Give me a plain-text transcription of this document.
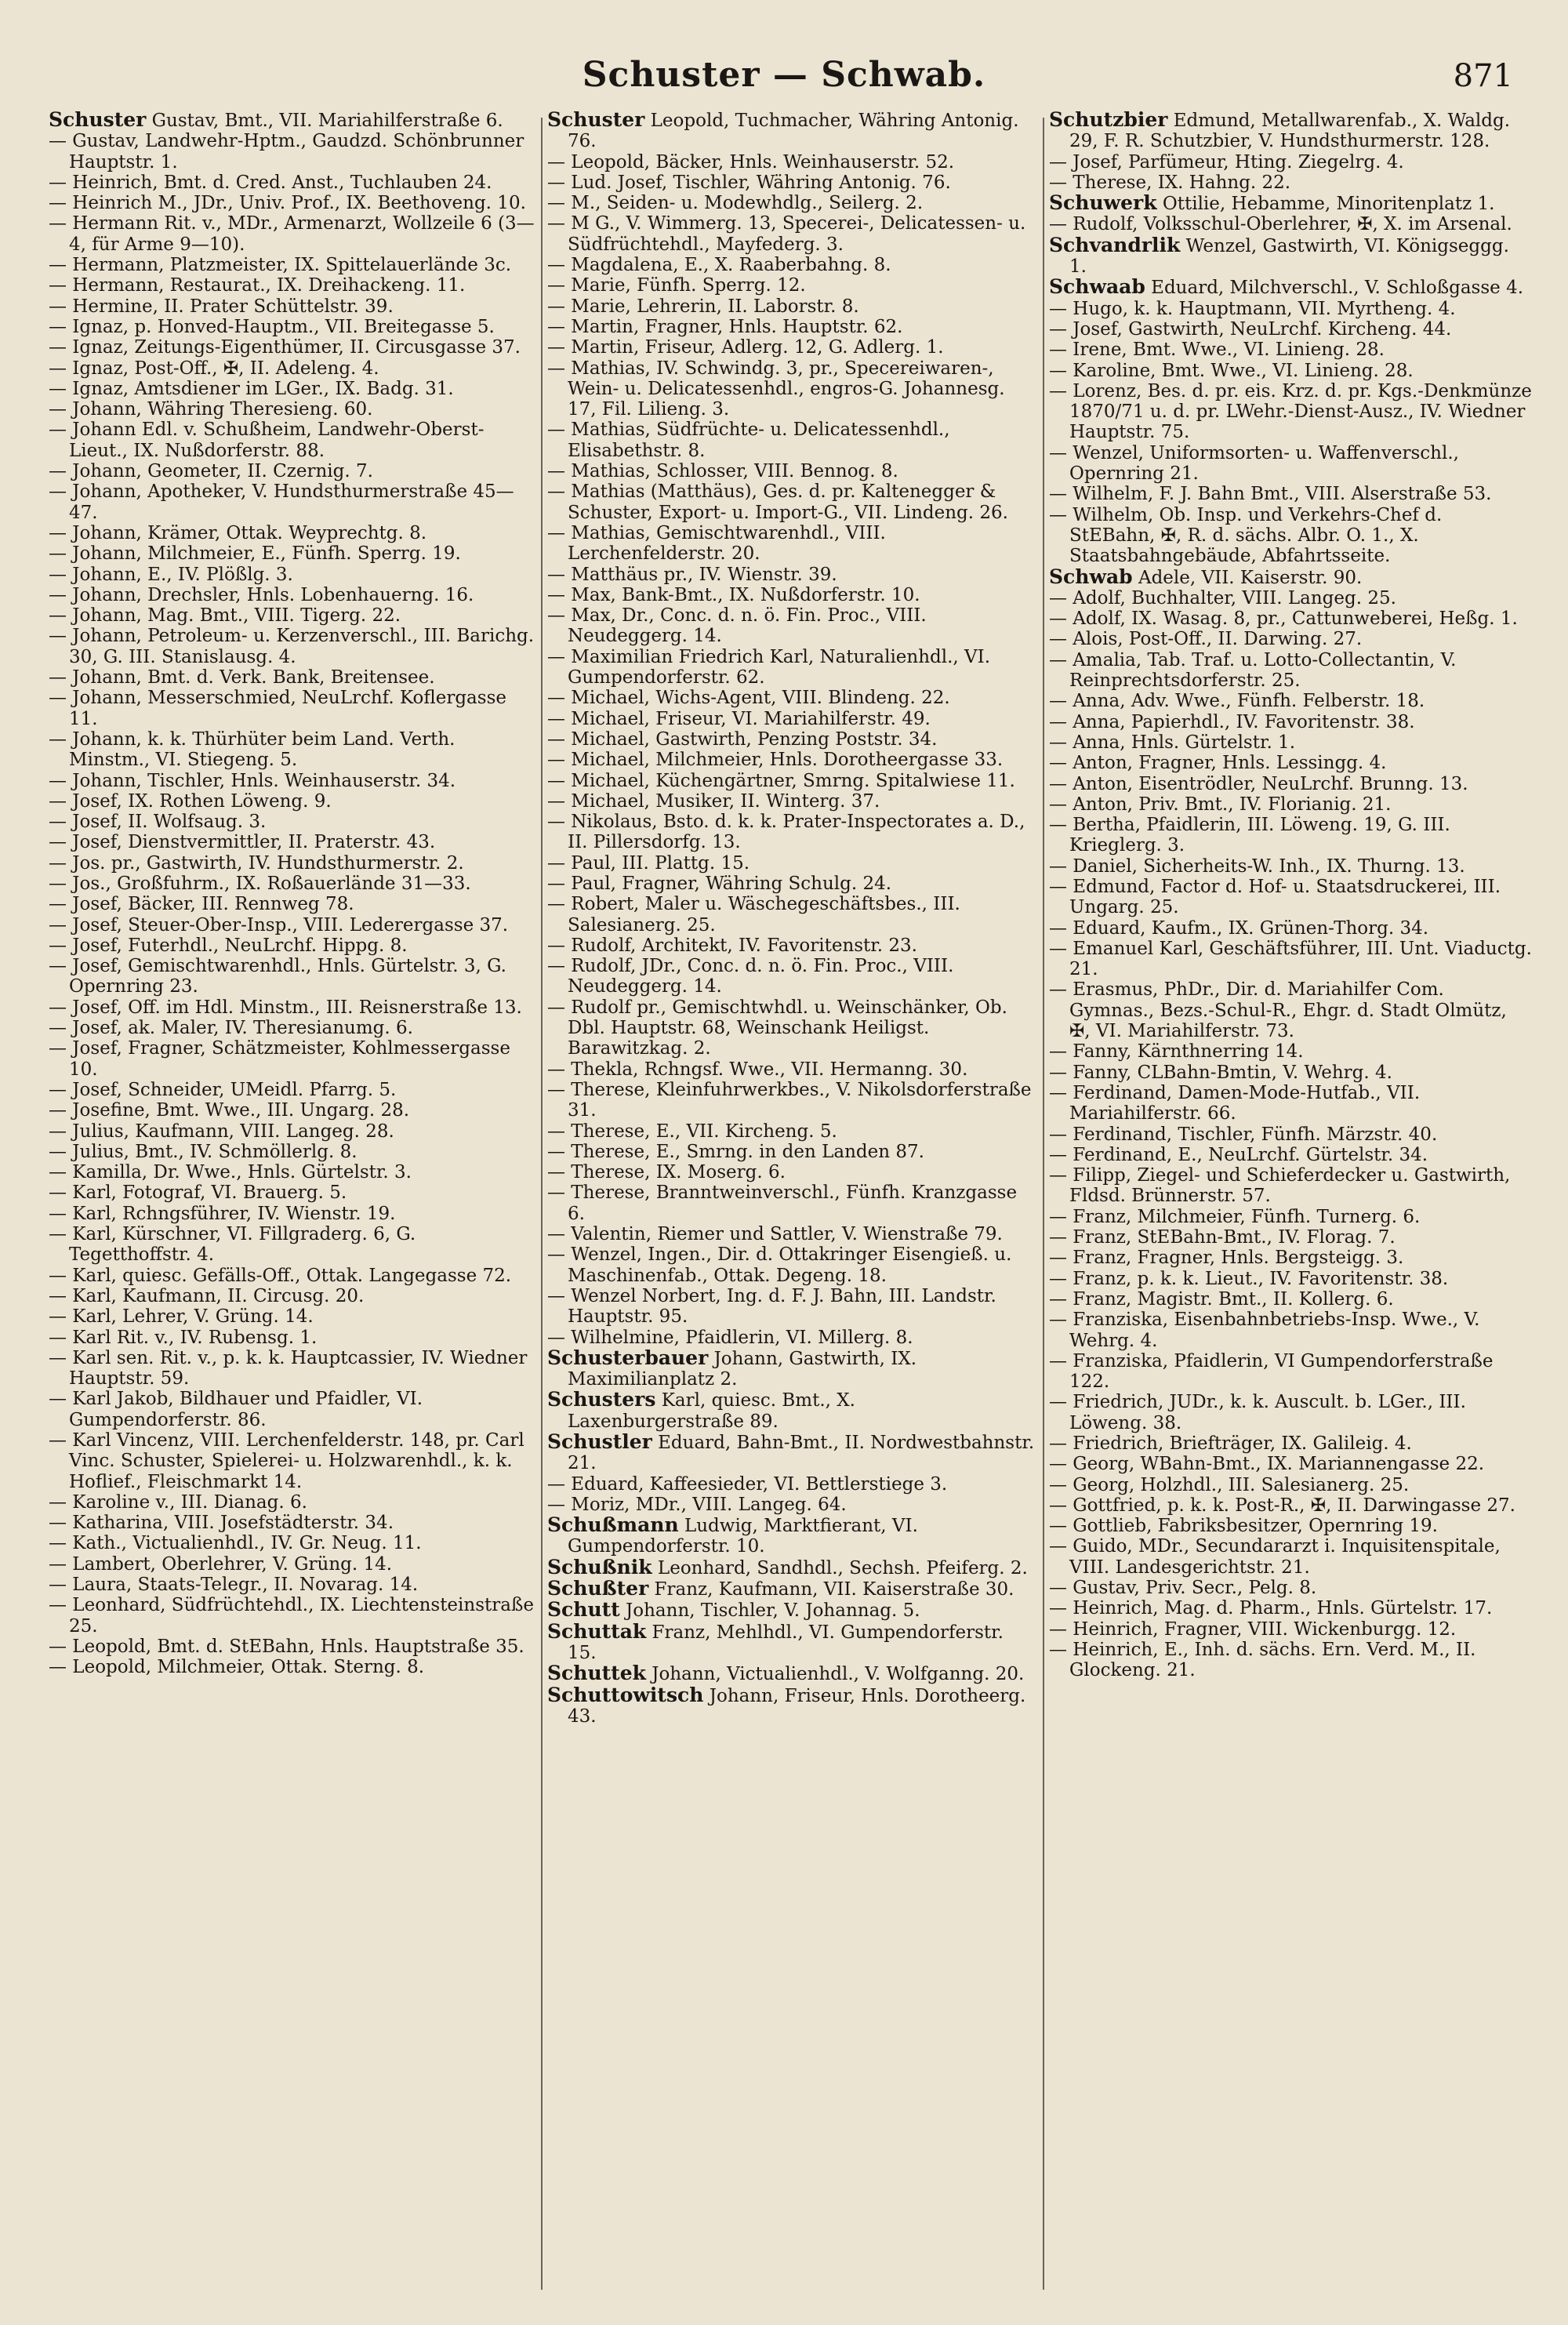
Schuster — Schwab.	871
Schuster Gustav, Bmt., VII. Mariahilferstraße 6.
— Gustav, Landwehr-Hptm., Gaudzd. Schönbrunner Hauptstr. 1.
— Heinrich, Bmt. d. Cred. Anst., Tuchlauben 24.
— Heinrich M., JDr., Univ. Prof., IX. Beethoveng. 10.
— Hermann Rit. v., MDr., Armenarzt, Wollzeile 6 (3—4, für Arme 9—10).
— Hermann, Platzmeister, IX. Spittelauerlände 3c.
— Hermann, Restaurat., IX. Dreihackeng. 11.
— Hermine, II. Prater Schüttelstr. 39.
— Ignaz, p. Honved-Hauptm., VII. Breitegasse 5.
— Ignaz, Zeitungs-Eigenthümer, II. Circusgasse 37.
— Ignaz, Post-Off., ✠, II. Adeleng. 4.
— Ignaz, Amtsdiener im LGer., IX. Badg. 31.
— Johann, Währing Theresieng. 60.
— Johann Edl. v. Schußheim, Landwehr-Oberst-Lieut., IX. Nußdorferstr. 88.
— Johann, Geometer, II. Czernig. 7.
— Johann, Apotheker, V. Hundsthurmerstraße 45—47.
— Johann, Krämer, Ottak. Weyprechtg. 8.
— Johann, Milchmeier, E., Fünfh. Sperrg. 19.
— Johann, E., IV. Plößlg. 3.
— Johann, Drechsler, Hnls. Lobenhauerng. 16.
— Johann, Mag. Bmt., VIII. Tigerg. 22.
— Johann, Petroleum- u. Kerzenverschl., III. Barichg. 30, G. III. Stanislausg. 4.
— Johann, Bmt. d. Verk. Bank, Breitensee.
— Johann, Messerschmied, NeuLrchf. Koflergasse 11.
— Johann, k. k. Thürhüter beim Land. Verth. Minstm., VI. Stiegeng. 5.
— Johann, Tischler, Hnls. Weinhauserstr. 34.
— Josef, IX. Rothen Löweng. 9.
— Josef, II. Wolfsaug. 3.
— Josef, Dienstvermittler, II. Praterstr. 43.
— Jos. pr., Gastwirth, IV. Hundsthurmerstr. 2.
— Jos., Großfuhrm., IX. Roßauerlände 31—33.
— Josef, Bäcker, III. Rennweg 78.
— Josef, Steuer-Ober-Insp., VIII. Lederergasse 37.
— Josef, Futerhdl., NeuLrchf. Hippg. 8.
— Josef, Gemischtwarenhdl., Hnls. Gürtelstr. 3, G. Opernring 23.
— Josef, Off. im Hdl. Minstm., III. Reisnerstraße 13.
— Josef, ak. Maler, IV. Theresianumg. 6.
— Josef, Fragner, Schätzmeister, Kohlmessergasse 10.
— Josef, Schneider, UMeidl. Pfarrg. 5.
— Josefine, Bmt. Wwe., III. Ungarg. 28.
— Julius, Kaufmann, VIII. Langeg. 28.
— Julius, Bmt., IV. Schmöllerlg. 8.
— Kamilla, Dr. Wwe., Hnls. Gürtelstr. 3.
— Karl, Fotograf, VI. Brauerg. 5.
— Karl, Rchngsführer, IV. Wienstr. 19.
— Karl, Kürschner, VI. Fillgraderg. 6, G. Tegetthoffstr. 4.
— Karl, quiesc. Gefälls-Off., Ottak. Langegasse 72.
— Karl, Kaufmann, II. Circusg. 20.
— Karl, Lehrer, V. Grüng. 14.
— Karl Rit. v., IV. Rubensg. 1.
— Karl sen. Rit. v., p. k. k. Hauptcassier, IV. Wiedner Hauptstr. 59.
— Karl Jakob, Bildhauer und Pfaidler, VI. Gumpendorferstr. 86.
— Karl Vincenz, VIII. Lerchenfelderstr. 148, pr. Carl Vinc. Schuster, Spielerei- u. Holzwarenhdl., k. k. Hoflief., Fleischmarkt 14.
— Karoline v., III. Dianag. 6.
— Katharina, VIII. Josefstädterstr. 34.
— Kath., Victualienhdl., IV. Gr. Neug. 11.
— Lambert, Oberlehrer, V. Grüng. 14.
— Laura, Staats-Telegr., II. Novarag. 14.
— Leonhard, Südfrüchtehdl., IX. Liechtensteinstraße 25.
— Leopold, Bmt. d. StEBahn, Hnls. Hauptstraße 35.
— Leopold, Milchmeier, Ottak. Sterng. 8.
Schuster Leopold, Tuchmacher, Währing Antonig. 76.
— Leopold, Bäcker, Hnls. Weinhauserstr. 52.
— Lud. Josef, Tischler, Währing Antonig. 76.
— M., Seiden- u. Modewhdlg., Seilerg. 2.
— M G., V. Wimmerg. 13, Specerei-, Delicatessen- u. Südfrüchtehdl., Mayfederg. 3.
— Magdalena, E., X. Raaberbahng. 8.
— Marie, Fünfh. Sperrg. 12.
— Marie, Lehrerin, II. Laborstr. 8.
— Martin, Fragner, Hnls. Hauptstr. 62.
— Martin, Friseur, Adlerg. 12, G. Adlerg. 1.
— Mathias, IV. Schwindg. 3, pr., Specereiwaren-, Wein- u. Delicatessenhdl., engros-G. Johannesg. 17, Fil. Lilieng. 3.
— Mathias, Südfrüchte- u. Delicatessenhdl., Elisabethstr. 8.
— Mathias, Schlosser, VIII. Bennog. 8.
— Mathias (Matthäus), Ges. d. pr. Kaltenegger & Schuster, Export- u. Import-G., VII. Lindeng. 26.
— Mathias, Gemischtwarenhdl., VIII. Lerchenfelderstr. 20.
— Matthäus pr., IV. Wienstr. 39.
— Max, Bank-Bmt., IX. Nußdorferstr. 10.
— Max, Dr., Conc. d. n. ö. Fin. Proc., VIII. Neudeggerg. 14.
— Maximilian Friedrich Karl, Naturalienhdl., VI. Gumpendorferstr. 62.
— Michael, Wichs-Agent, VIII. Blindeng. 22.
— Michael, Friseur, VI. Mariahilferstr. 49.
— Michael, Gastwirth, Penzing Poststr. 34.
— Michael, Milchmeier, Hnls. Dorotheergasse 33.
— Michael, Küchengärtner, Smrng. Spitalwiese 11.
— Michael, Musiker, II. Winterg. 37.
— Nikolaus, Bsto. d. k. k. Prater-Inspectorates a. D., II. Pillersdorfg. 13.
— Paul, III. Plattg. 15.
— Paul, Fragner, Währing Schulg. 24.
— Robert, Maler u. Wäschegeschäftsbes., III. Salesianerg. 25.
— Rudolf, Architekt, IV. Favoritenstr. 23.
— Rudolf, JDr., Conc. d. n. ö. Fin. Proc., VIII. Neudeggerg. 14.
— Rudolf pr., Gemischtwhdl. u. Weinschänker, Ob. Dbl. Hauptstr. 68, Weinschank Heiligst. Barawitzkag. 2.
— Thekla, Rchngsf. Wwe., VII. Hermanng. 30.
— Therese, Kleinfuhrwerkbes., V. Nikolsdorferstraße 31.
— Therese, E., VII. Kircheng. 5.
— Therese, E., Smrng. in den Landen 87.
— Therese, IX. Moserg. 6.
— Therese, Branntweinverschl., Fünfh. Kranzgasse 6.
— Valentin, Riemer und Sattler, V. Wienstraße 79.
— Wenzel, Ingen., Dir. d. Ottakringer Eisengieß. u. Maschinenfab., Ottak. Degeng. 18.
— Wenzel Norbert, Ing. d. F. J. Bahn, III. Landstr. Hauptstr. 95.
— Wilhelmine, Pfaidlerin, VI. Millerg. 8.
Schusterbauer Johann, Gastwirth, IX. Maximilianplatz 2.
Schusters Karl, quiesc. Bmt., X. Laxenburgerstraße 89.
Schustler Eduard, Bahn-Bmt., II. Nordwestbahnstr. 21.
— Eduard, Kaffeesieder, VI. Bettlerstiege 3.
— Moriz, MDr., VIII. Langeg. 64.
Schußmann Ludwig, Marktfierant, VI. Gumpendorferstr. 10.
Schußnik Leonhard, Sandhdl., Sechsh. Pfeiferg. 2.
Schußter Franz, Kaufmann, VII. Kaiserstraße 30.
Schutt Johann, Tischler, V. Johannag. 5.
Schuttak Franz, Mehlhdl., VI. Gumpendorferstr. 15.
Schuttek Johann, Victualienhdl., V. Wolfganng. 20.
Schuttowitsch Johann, Friseur, Hnls. Dorotheerg. 43.
Schutzbier Edmund, Metallwarenfab., X. Waldg. 29, F. R. Schutzbier, V. Hundsthurmerstr. 128.
— Josef, Parfümeur, Hting. Ziegelrg. 4.
— Therese, IX. Hahng. 22.
Schuwerk Ottilie, Hebamme, Minoritenplatz 1.
— Rudolf, Volksschul-Oberlehrer, ✠, X. im Arsenal.
Schvandrlik Wenzel, Gastwirth, VI. Königseggg. 1.
Schwaab Eduard, Milchverschl., V. Schloßgasse 4.
— Hugo, k. k. Hauptmann, VII. Myrtheng. 4.
— Josef, Gastwirth, NeuLrchf. Kircheng. 44.
— Irene, Bmt. Wwe., VI. Linieng. 28.
— Karoline, Bmt. Wwe., VI. Linieng. 28.
— Lorenz, Bes. d. pr. eis. Krz. d. pr. Kgs.-Denkmünze 1870/71 u. d. pr. LWehr.-Dienst-Ausz., IV. Wiedner Hauptstr. 75.
— Wenzel, Uniformsorten- u. Waffenverschl., Opernring 21.
— Wilhelm, F. J. Bahn Bmt., VIII. Alserstraße 53.
— Wilhelm, Ob. Insp. und Verkehrs-Chef d. StEBahn, ✠, R. d. sächs. Albr. O. 1., X. Staatsbahngebäude, Abfahrtsseite.
Schwab Adele, VII. Kaiserstr. 90.
— Adolf, Buchhalter, VIII. Langeg. 25.
— Adolf, IX. Wasag. 8, pr., Cattunweberei, Heßg. 1.
— Alois, Post-Off., II. Darwing. 27.
— Amalia, Tab. Traf. u. Lotto-Collectantin, V. Reinprechtsdorferstr. 25.
— Anna, Adv. Wwe., Fünfh. Felberstr. 18.
— Anna, Papierhdl., IV. Favoritenstr. 38.
— Anna, Hnls. Gürtelstr. 1.
— Anton, Fragner, Hnls. Lessingg. 4.
— Anton, Eisentrödler, NeuLrchf. Brunng. 13.
— Anton, Priv. Bmt., IV. Florianig. 21.
— Bertha, Pfaidlerin, III. Löweng. 19, G. III. Krieglerg. 3.
— Daniel, Sicherheits-W. Inh., IX. Thurng. 13.
— Edmund, Factor d. Hof- u. Staatsdruckerei, III. Ungarg. 25.
— Eduard, Kaufm., IX. Grünen-Thorg. 34.
— Emanuel Karl, Geschäftsführer, III. Unt. Viaductg. 21.
— Erasmus, PhDr., Dir. d. Mariahilfer Com. Gymnas., Bezs.-Schul-R., Ehgr. d. Stadt Olmütz, ✠, VI. Mariahilferstr. 73.
— Fanny, Kärnthnerring 14.
— Fanny, CLBahn-Bmtin, V. Wehrg. 4.
— Ferdinand, Damen-Mode-Hutfab., VII. Mariahilferstr. 66.
— Ferdinand, Tischler, Fünfh. Märzstr. 40.
— Ferdinand, E., NeuLrchf. Gürtelstr. 34.
— Filipp, Ziegel- und Schieferdecker u. Gastwirth, Fldsd. Brünnerstr. 57.
— Franz, Milchmeier, Fünfh. Turnerg. 6.
— Franz, StEBahn-Bmt., IV. Florag. 7.
— Franz, Fragner, Hnls. Bergsteigg. 3.
— Franz, p. k. k. Lieut., IV. Favoritenstr. 38.
— Franz, Magistr. Bmt., II. Kollerg. 6.
— Franziska, Eisenbahnbetriebs-Insp. Wwe., V. Wehrg. 4.
— Franziska, Pfaidlerin, VI Gumpendorferstraße 122.
— Friedrich, JUDr., k. k. Auscult. b. LGer., III. Löweng. 38.
— Friedrich, Briefträger, IX. Galileig. 4.
— Georg, WBahn-Bmt., IX. Mariannengasse 22.
— Georg, Holzhdl., III. Salesianerg. 25.
— Gottfried, p. k. k. Post-R., ✠, II. Darwingasse 27.
— Gottlieb, Fabriksbesitzer, Opernring 19.
— Guido, MDr., Secundararzt i. Inquisitenspitale, VIII. Landesgerichtstr. 21.
— Gustav, Priv. Secr., Pelg. 8.
— Heinrich, Mag. d. Pharm., Hnls. Gürtelstr. 17.
— Heinrich, Fragner, VIII. Wickenburgg. 12.
— Heinrich, E., Inh. d. sächs. Ern. Verd. M., II. Glockeng. 21.
